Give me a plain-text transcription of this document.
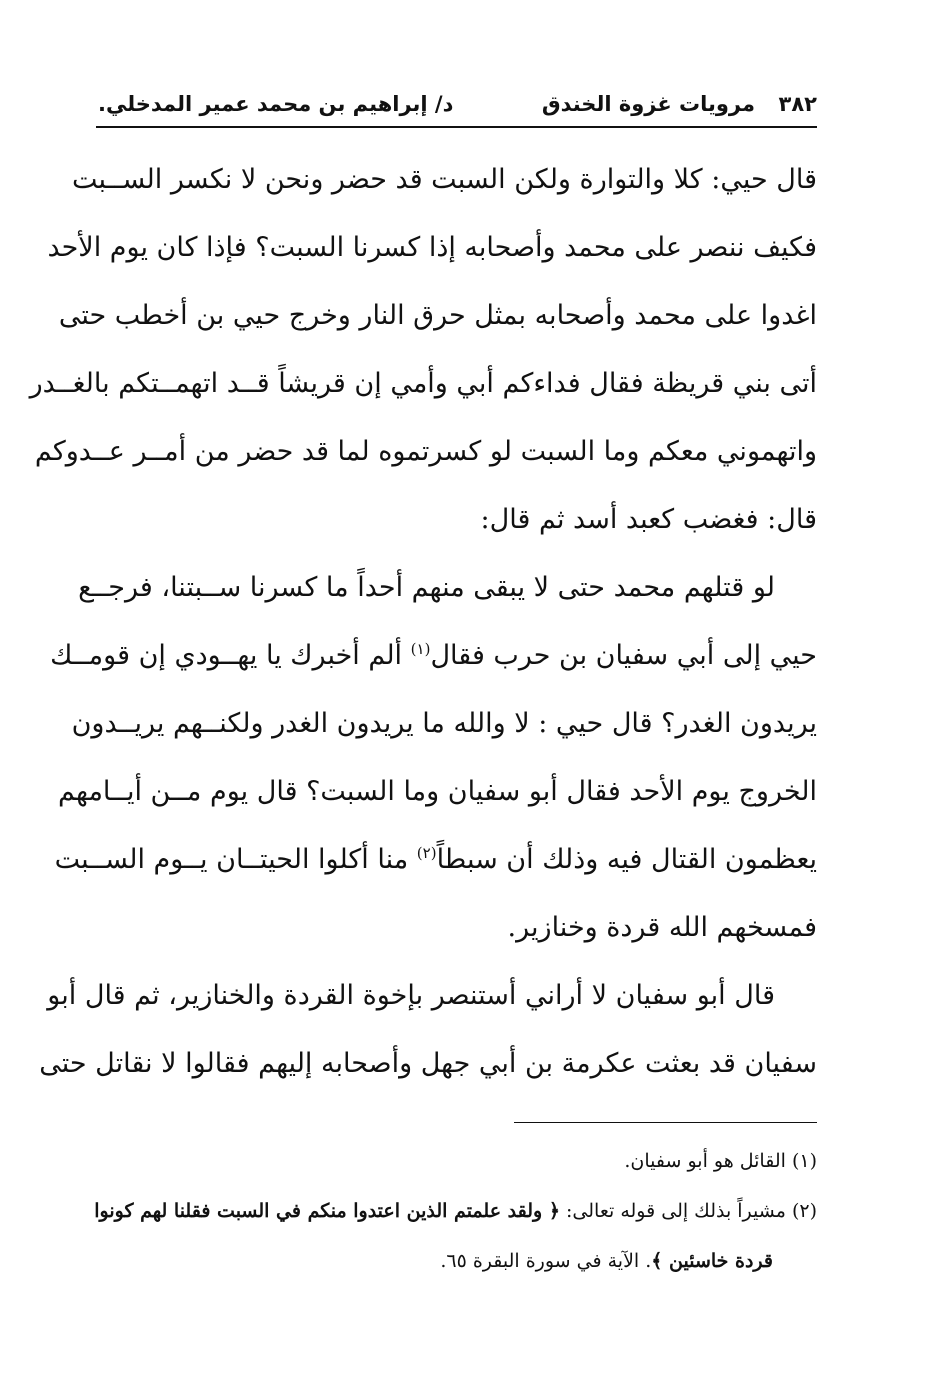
٣٨٢
مرويات غزوة الخندق
د/ إبراهيم بن محمد عمير المدخلي.
قال حيي: كلا والتوارة ولكن السبت قد حضر ونحن لا نكسر الســبت
فكيف ننصر على محمد وأصحابه إذا كسرنا السبت؟ فإذا كان يوم الأحد
اغدوا على محمد وأصحابه بمثل حرق النار وخرج حيي بن أخطب حتى
أتى بني قريظة فقال فداءكم أبي وأمي إن قريشاً قــد اتهمــتكم بالغــدر
واتهموني معكم وما السبت لو كسرتموه لما قد حضر من أمــر عــدوكم
قال: فغضب كعبد أسد ثم قال:
لو قتلهم محمد حتى لا يبقى منهم أحداً ما كسرنا ســبتنا، فرجــع
حيي إلى أبي سفيان بن حرب فقال$^{(١)}$ ألم أخبرك يا يهــودي إن قومــك
يريدون الغدر؟ قال حيي : لا والله ما يريدون الغدر ولكنــهم يريــدون
الخروج يوم الأحد فقال أبو سفيان وما السبت؟ قال يوم مــن أيــامهم
يعظمون القتال فيه وذلك أن سبطاً$^{(٢)}$ منا أكلوا الحيتــان يــوم الســبت
فمسخهم الله قردة وخنازير.
قال أبو سفيان لا أراني أستنصر بإخوة القردة والخنازير، ثم قال أبو
سفيان قد بعثت عكرمة بن أبي جهل وأصحابه إليهم فقالوا لا نقاتل حتى
(١) القائل هو أبو سفيان.
(٢) مشيراً بذلك إلى قوله تعالى: ﴿ ولقد علمتم الذين اعتدوا منكم في السبت فقلنا لهم كونوا
قردة خاسئين ﴾. الآية في سورة البقرة ٦٥.
